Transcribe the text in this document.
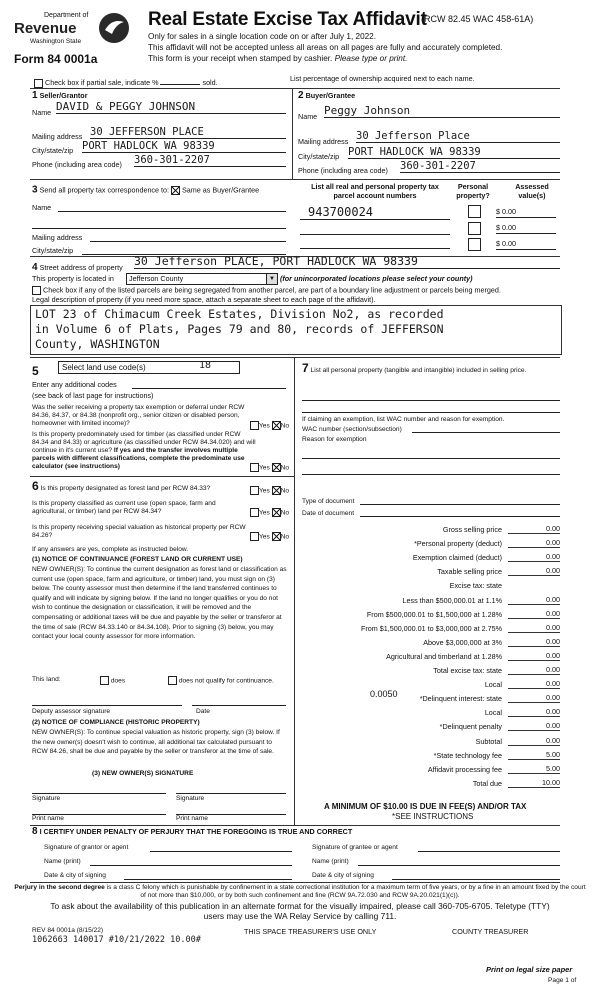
Department of
Revenue
Washington State
Form 84 0001a
Real Estate Excise Tax Affidavit
(RCW 82.45 WAC 458-61A)
Only for sales in a single location code on or after July 1, 2022.
This affidavit will not be accepted unless all areas on all pages are fully and accurately completed.
This form is your receipt when stamped by cashier. Please type or print.
Check box if partial sale, indicate %	sold.	List percentage of ownership acquired next to each name.
1 Seller/Grantor
Name DAVID & PEGGY JOHNSON
Mailing address 30 JEFFERSON PLACE
City/state/zip PORT HADLOCK WA 98339
Phone (including area code) 360-301-2207
2 Buyer/Grantee
Name Peggy Johnson
Mailing address 30 Jefferson Place
City/state/zip PORT HADLOCK WA 98339
Phone (including area code) 360-301-2207
3 Send all property tax correspondence to: Same as Buyer/Grantee
Name
Mailing address
City/state/zip
List all real and personal property tax parcel account numbers
Personal property?
Assessed value(s)
943700024	$ 0.00
$ 0.00
$ 0.00
4 Street address of property 30 Jefferson PLACE, PORT HADLOCK WA 98339
This property is located in Jefferson County	▼ (for unincorporated locations please select your county)
Check box if any of the listed parcels are being segregated from another parcel, are part of a boundary line adjustment or parcels being merged.
Legal description of property (if you need more space, attach a separate sheet to each page of the affidavit).
LOT 23 of Chimacum Creek Estates, Division No2, as recorded
in Volume 6 of Plats, Pages 79 and 80, records of JEFFERSON
County, WASHINGTON
5	Select land use code(s)	18
Enter any additional codes
(see back of last page for instructions)
Was the seller receiving a property tax exemption or deferral under RCW 84.36, 84.37, or 84.38 (nonprofit org., senior citizen or disabled person, homeowner with limited income)?	Yes No
Is this property predominately used for timber (as classified under RCW 84.34 and 84.33) or agriculture (as classified under RCW 84.34.020) and will continue in it's current use? If yes and the transfer involves multiple parcels with different classifications, complete the predominate use calculator (see instructions)	Yes No
6 Is this property designated as forest land per RCW 84.33?	Yes No
Is this property classified as current use (open space, farm and agricultural, or timber) land per RCW 84.34?	Yes No
Is this property receiving special valuation as historical property per RCW 84.26?	Yes No
If any answers are yes, complete as instructed below.
(1) NOTICE OF CONTINUANCE (FOREST LAND OR CURRENT USE)
NEW OWNER(S): To continue the current designation as forest land or classification as current use (open space, farm and agriculture, or timber) land, you must sign on (3) below. The county assessor must then determine if the land transferred continues to qualify and will indicate by signing below. If the land no longer qualifies or you do not wish to continue the designation or classification, it will be removed and the compensating or additional taxes will be due and payable by the seller or transferor at the time of sale (RCW 84.33.140 or 84.34.108). Prior to signing (3) below, you may contact your local county assessor for more information.
This land:	does	does not qualify for continuance.
Deputy assessor signature	Date
(2) NOTICE OF COMPLIANCE (HISTORIC PROPERTY)
NEW OWNER(S): To continue special valuation as historic property, sign (3) below. If the new owner(s) doesn't wish to continue, all additional tax calculated pursuant to RCW 84.26, shall be due and payable by the seller or transferor at the time of sale.
(3) NEW OWNER(S) SIGNATURE
Signature	Signature
Print name	Print name
7 List all personal property (tangible and intangible) included in selling price.
If claiming an exemption, list WAC number and reason for exemption.
WAC number (section/subsection)
Reason for exemption
Type of document
Date of document
Gross selling price	0.00
*Personal property (deduct)	0.00
Exemption claimed (deduct)	0.00
Taxable selling price	0.00
Excise tax: state
Less than $500,000.01 at 1.1%	0.00
From $500,000.01 to $1,500,000 at 1.28%	0.00
From $1,500,000.01 to $3,000,000 at 2.75%	0.00
Above $3,000,000 at 3%	0.00
Agricultural and timberland at 1.28%	0.00
Total excise tax: state	0.00
Local	0.00
*Delinquent interest: state	0.00
Local	0.00
*Delinquent penalty	0.00
Subtotal	0.00
*State technology fee	5.00
Affidavit processing fee	5.00
Total due	10.00
0.0050
A MINIMUM OF $10.00 IS DUE IN FEE(S) AND/OR TAX
*SEE INSTRUCTIONS
8 I CERTIFY UNDER PENALTY OF PERJURY THAT THE FOREGOING IS TRUE AND CORRECT
Signature of grantor or agent
Name (print)
Date & city of signing
Signature of grantee or agent
Name (print)
Date & city of signing
Perjury in the second degree is a class C felony which is punishable by confinement in a state correctional institution for a maximum term of five years, or by a fine in an amount fixed by the court of not more than $10,000, or by both such confinement and fine (RCW 9A.72.030 and RCW 9A.20.021(1)(c)).
To ask about the availability of this publication in an alternate format for the visually impaired, please call 360-705-6705. Teletype (TTY) users may use the WA Relay Service by calling 711.
REV 84 0001a (8/15/22)
1062663 140017 #10/21/2022 10.00#
THIS SPACE TREASURER'S USE ONLY	COUNTY TREASURER
Print on legal size paper
Page 1 of
